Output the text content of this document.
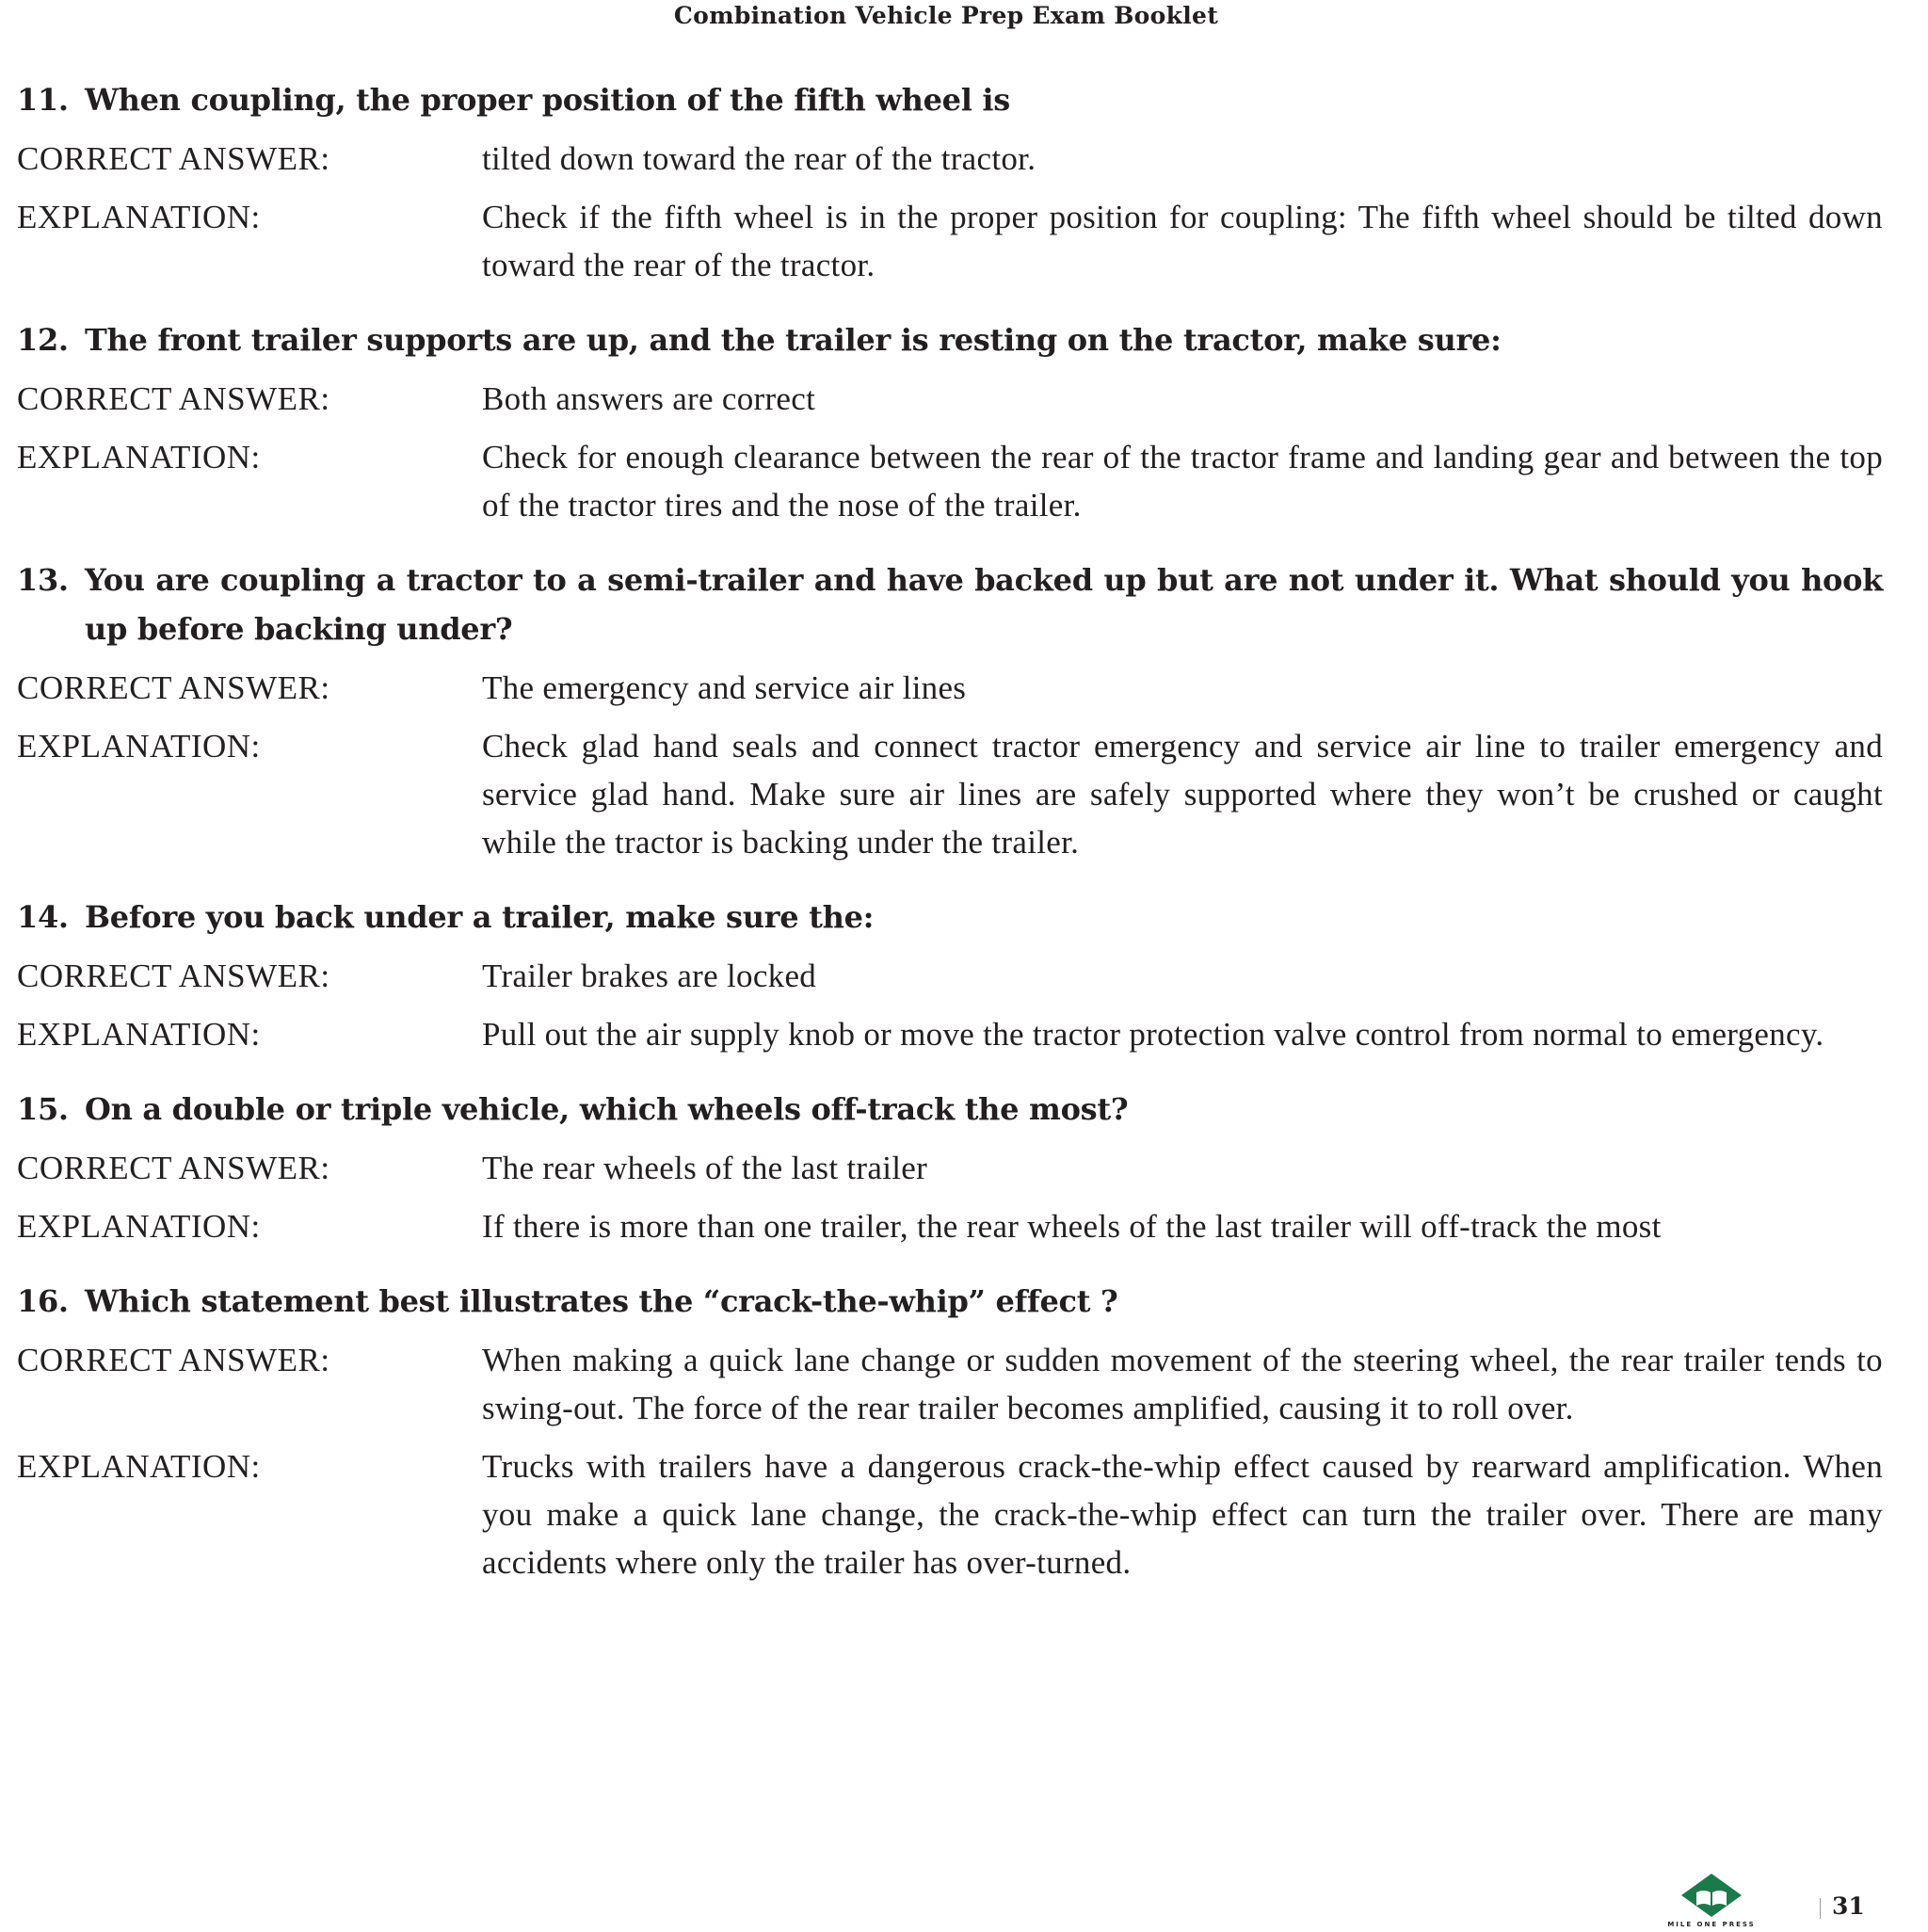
Combination Vehicle Prep Exam Booklet
11. When coupling, the proper position of the fifth wheel is
CORRECT ANSWER:	tilted down toward the rear of the tractor.
EXPLANATION:	Check if the fifth wheel is in the proper position for coupling: The fifth wheel should be tilted down toward the rear of the tractor.
12. The front trailer supports are up, and the trailer is resting on the tractor, make sure:
CORRECT ANSWER:	Both answers are correct
EXPLANATION:	Check for enough clearance between the rear of the tractor frame and landing gear and between the top of the tractor tires and the nose of the trailer.
13. You are coupling a tractor to a semi-trailer and have backed up but are not under it. What should you hook up before backing under?
CORRECT ANSWER:	The emergency and service air lines
EXPLANATION:	Check glad hand seals and connect tractor emergency and service air line to trailer emergency and service glad hand. Make sure air lines are safely supported where they won’t be crushed or caught while the tractor is backing under the trailer.
14. Before you back under a trailer, make sure the:
CORRECT ANSWER:	Trailer brakes are locked
EXPLANATION:	Pull out the air supply knob or move the tractor protection valve control from normal to emergency.
15. On a double or triple vehicle, which wheels off-track the most?
CORRECT ANSWER:	The rear wheels of the last trailer
EXPLANATION:	If there is more than one trailer, the rear wheels of the last trailer will off-track the most
16. Which statement best illustrates the “crack-the-whip” effect ?
CORRECT ANSWER:	When making a quick lane change or sudden movement of the steering wheel, the rear trailer tends to swing-out. The force of the rear trailer becomes amplified, causing it to roll over.
EXPLANATION:	Trucks with trailers have a dangerous crack-the-whip effect caused by rearward amplification. When you make a quick lane change, the crack-the-whip effect can turn the trailer over. There are many accidents where only the trailer has over-turned.
MILE ONE PRESS
31
